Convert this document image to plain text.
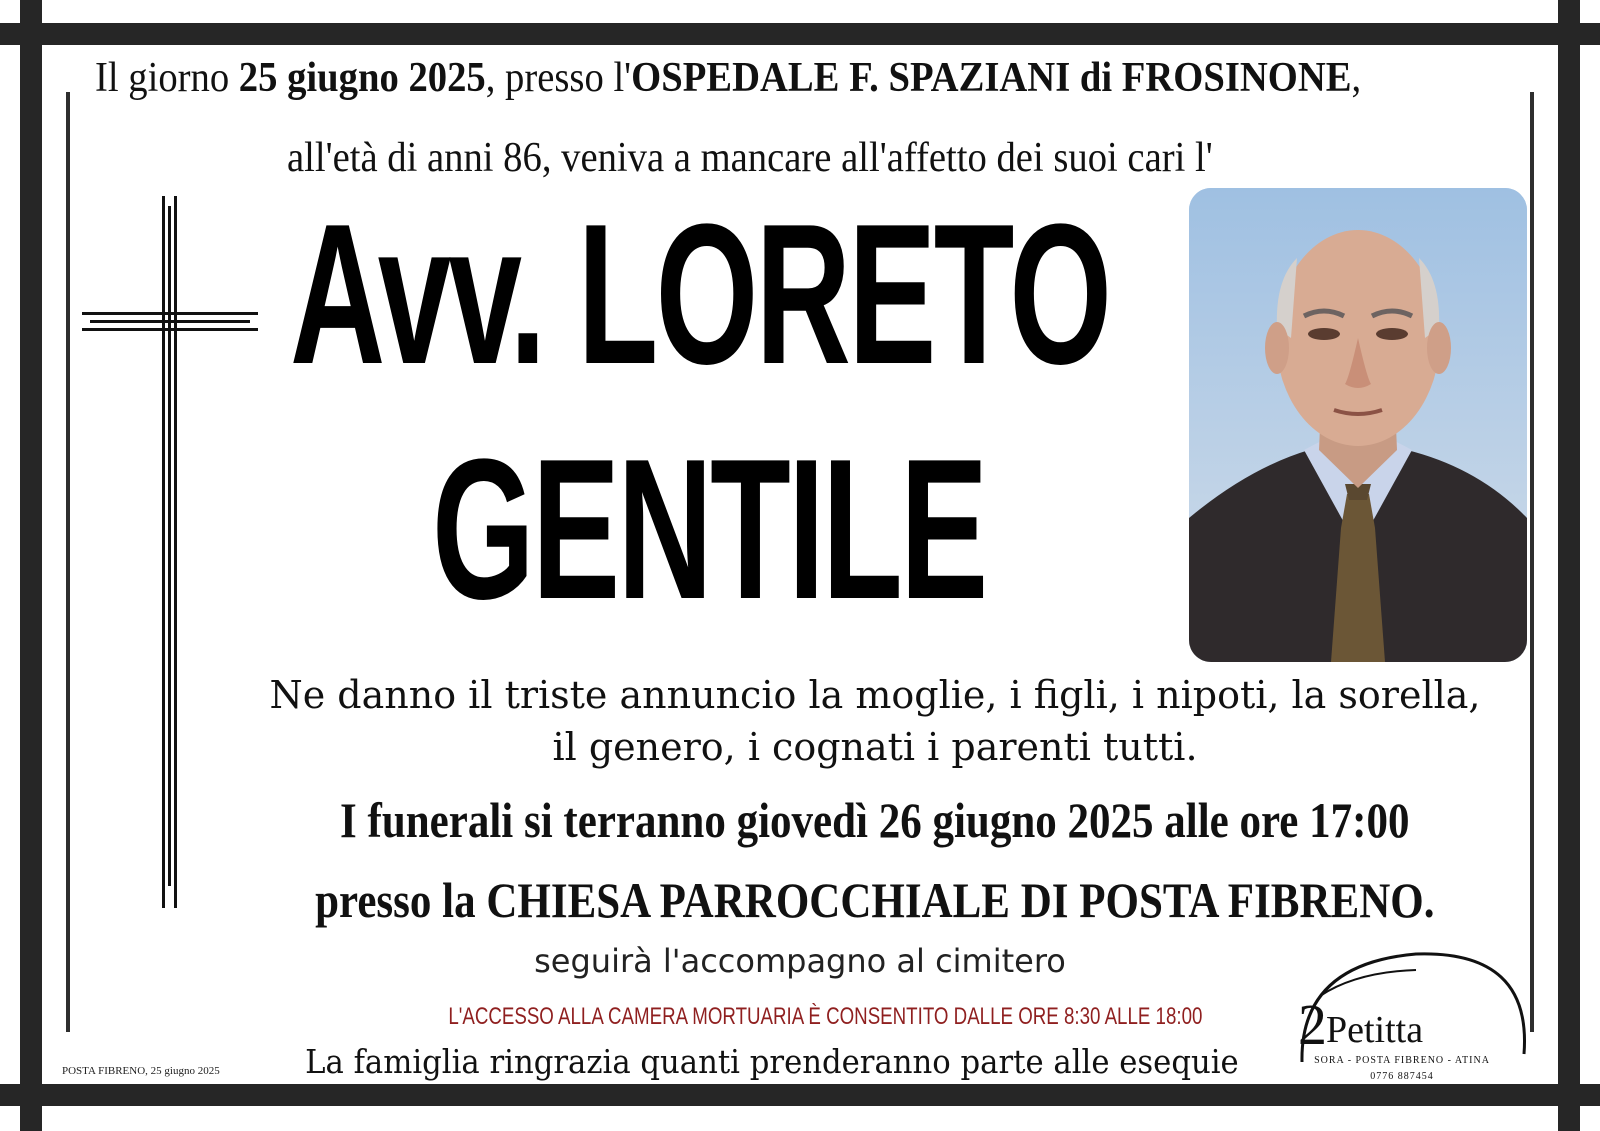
Il giorno 25 giugno 2025, presso l'OSPEDALE F. SPAZIANI di FROSINONE,
all'età di anni 86, veniva a mancare all'affetto dei suoi cari l'
Avv. LORETO
GENTILE
Ne danno il triste annuncio la moglie, i figli, i nipoti, la sorella,
il genero, i cognati i parenti tutti.
I funerali si terranno giovedì 26 giugno 2025 alle ore 17:00
presso la CHIESA PARROCCHIALE DI POSTA FIBRENO.
seguirà l'accompagno al cimitero
L'ACCESSO ALLA CAMERA MORTUARIA È CONSENTITO DALLE ORE 8:30 ALLE 18:00
La famiglia ringrazia quanti prenderanno parte alle esequie
POSTA FIBRENO, 25 giugno 2025
2 Petitta
SORA - POSTA FIBRENO - ATINA
0776 887454
